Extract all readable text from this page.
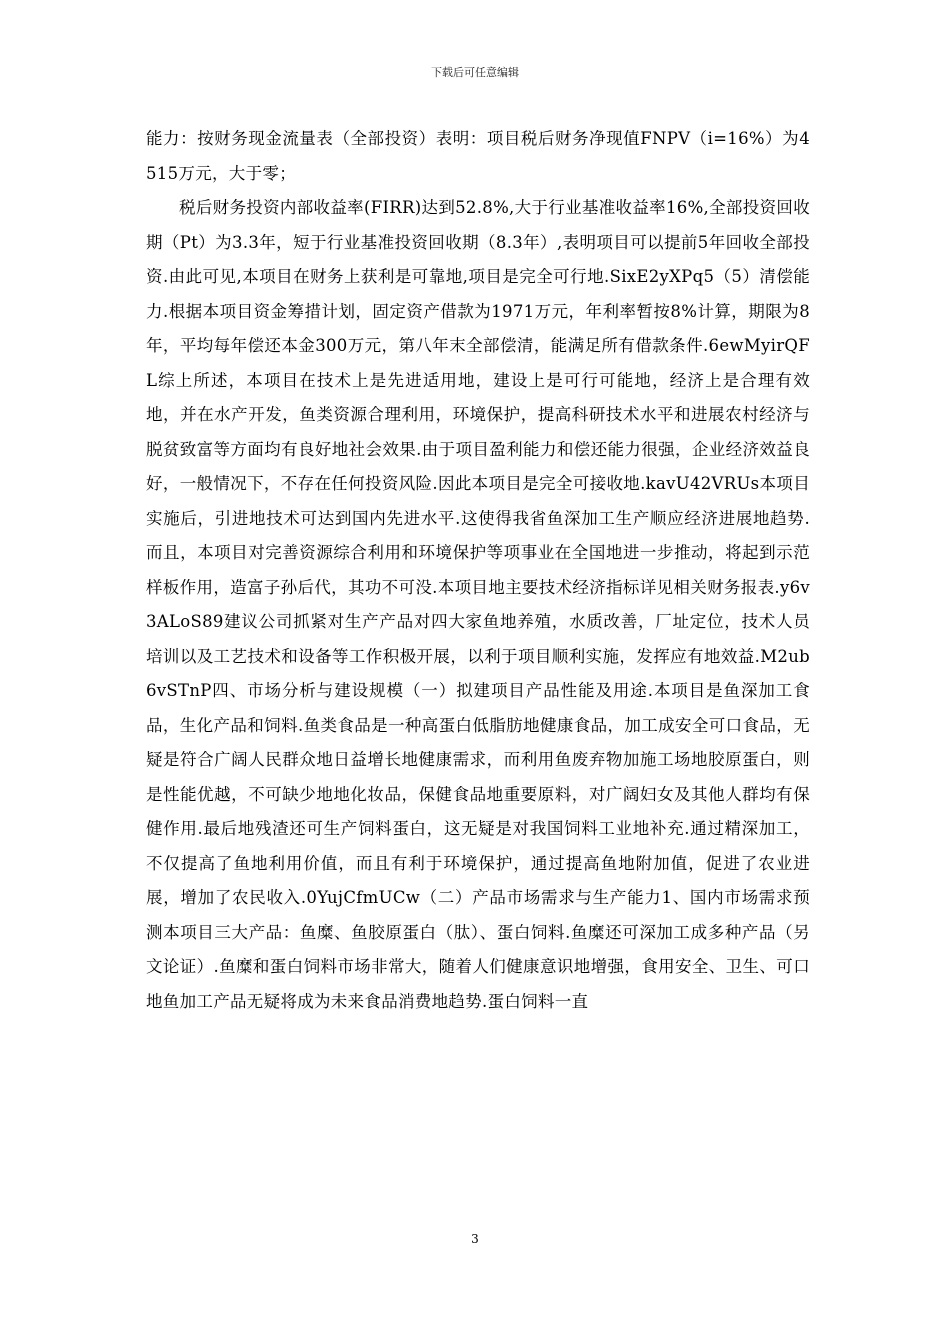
下载后可任意编辑

能力：按财务现金流量表（全部投资）表明：项目税后财务净现值FNPV（i=16%）为4515万元，大于零；

税后财务投资内部收益率(FIRR)达到52.8%,大于行业基准收益率16%,全部投资回收期（Pt）为3.3年，短于行业基准投资回收期（8.3年）,表明项目可以提前5年回收全部投资.由此可见,本项目在财务上获利是可靠地,项目是完全可行地.SixE2yXPq5（5）清偿能力.根据本项目资金筹措计划，固定资产借款为1971万元，年利率暂按8%计算，期限为8年，平均每年偿还本金300万元，第八年末全部偿清，能满足所有借款条件.6ewMyirQFL综上所述，本项目在技术上是先进适用地，建设上是可行可能地，经济上是合理有效地，并在水产开发，鱼类资源合理利用，环境保护，提高科研技术水平和进展农村经济与脱贫致富等方面均有良好地社会效果.由于项目盈利能力和偿还能力很强，企业经济效益良好，一般情况下，不存在任何投资风险.因此本项目是完全可接收地.kavU42VRUs本项目实施后，引进地技术可达到国内先进水平.这使得我省鱼深加工生产顺应经济进展地趋势.而且，本项目对完善资源综合利用和环境保护等项事业在全国地进一步推动，将起到示范样板作用，造富子孙后代，其功不可没.本项目地主要技术经济指标详见相关财务报表.y6v3ALoS89建议公司抓紧对生产产品对四大家鱼地养殖，水质改善，厂址定位，技术人员培训以及工艺技术和设备等工作积极开展，以利于项目顺利实施，发挥应有地效益.M2ub6vSTnP四、市场分析与建设规模（一）拟建项目产品性能及用途.本项目是鱼深加工食品，生化产品和饲料.鱼类食品是一种高蛋白低脂肪地健康食品，加工成安全可口食品，无疑是符合广阔人民群众地日益增长地健康需求，而利用鱼废弃物加施工场地胶原蛋白，则是性能优越，不可缺少地地化妆品，保健食品地重要原料，对广阔妇女及其他人群均有保健作用.最后地残渣还可生产饲料蛋白，这无疑是对我国饲料工业地补充.通过精深加工，不仅提高了鱼地利用价值，而且有利于环境保护，通过提高鱼地附加值，促进了农业进展，增加了农民收入.0YujCfmUCw（二）产品市场需求与生产能力1、国内市场需求预测本项目三大产品：鱼糜、鱼胶原蛋白（肽）、蛋白饲料.鱼糜还可深加工成多种产品（另文论证）.鱼糜和蛋白饲料市场非常大，随着人们健康意识地增强，食用安全、卫生、可口地鱼加工产品无疑将成为未来食品消费地趋势.蛋白饲料一直

3
